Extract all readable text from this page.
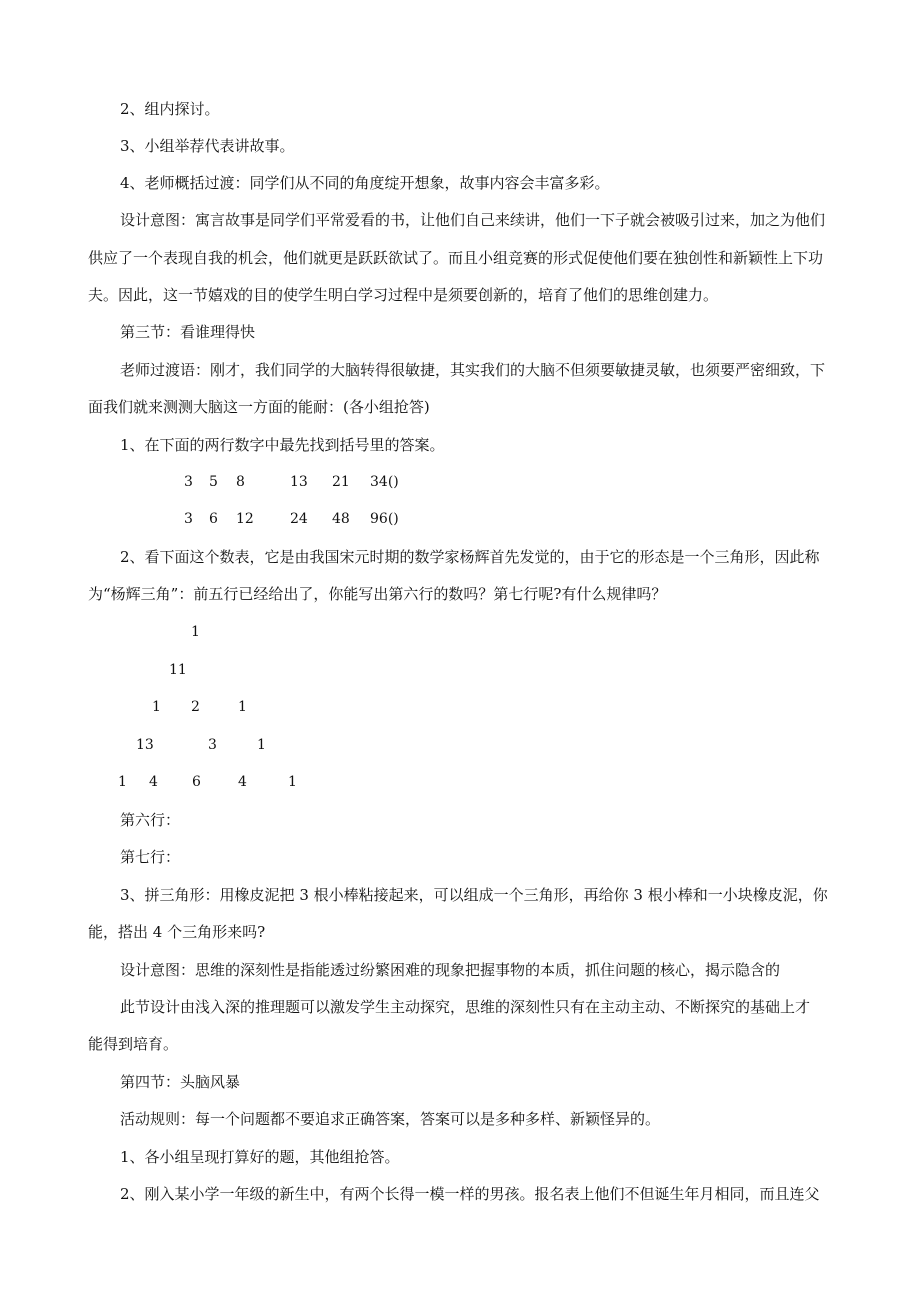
2、组内探讨。
3、小组举荐代表讲故事。
4、老师概括过渡：同学们从不同的角度绽开想象，故事内容会丰富多彩。
设计意图：寓言故事是同学们平常爱看的书，让他们自己来续讲，他们一下子就会被吸引过来，加之为他们
供应了一个表现自我的机会，他们就更是跃跃欲试了。而且小组竞赛的形式促使他们要在独创性和新颖性上下功
夫。因此，这一节嬉戏的目的使学生明白学习过程中是须要创新的，培育了他们的思维创建力。
第三节：看谁理得快
老师过渡语：刚才，我们同学的大脑转得很敏捷，其实我们的大脑不但须要敏捷灵敏，也须要严密细致，下
面我们就来测测大脑这一方面的能耐：(各小组抢答)
1、在下面的两行数字中最先找到括号里的答案。
3 5 8	13 21 34()
3 6 12	24 48 96()
2、看下面这个数表，它是由我国宋元时期的数学家杨辉首先发觉的，由于它的形态是一个三角形，因此称
为“杨辉三角”：前五行已经给出了，你能写出第六行的数吗？第七行呢?有什么规律吗？
1
11
1 2	1
13	3	1
1 4 6	4	1
第六行：
第七行：
3、拼三角形：用橡皮泥把 3 根小棒粘接起来，可以组成一个三角形，再给你 3 根小棒和一小块橡皮泥，你
能，搭出 4 个三角形来吗?
设计意图：思维的深刻性是指能透过纷繁困难的现象把握事物的本质，抓住问题的核心，揭示隐含的
此节设计由浅入深的推理题可以激发学生主动探究，思维的深刻性只有在主动主动、不断探究的基础上才
能得到培育。
第四节：头脑风暴
活动规则：每一个问题都不要追求正确答案，答案可以是多种多样、新颖怪异的。
1、各小组呈现打算好的题，其他组抢答。
2、刚入某小学一年级的新生中，有两个长得一模一样的男孩。报名表上他们不但诞生年月相同，而且连父
